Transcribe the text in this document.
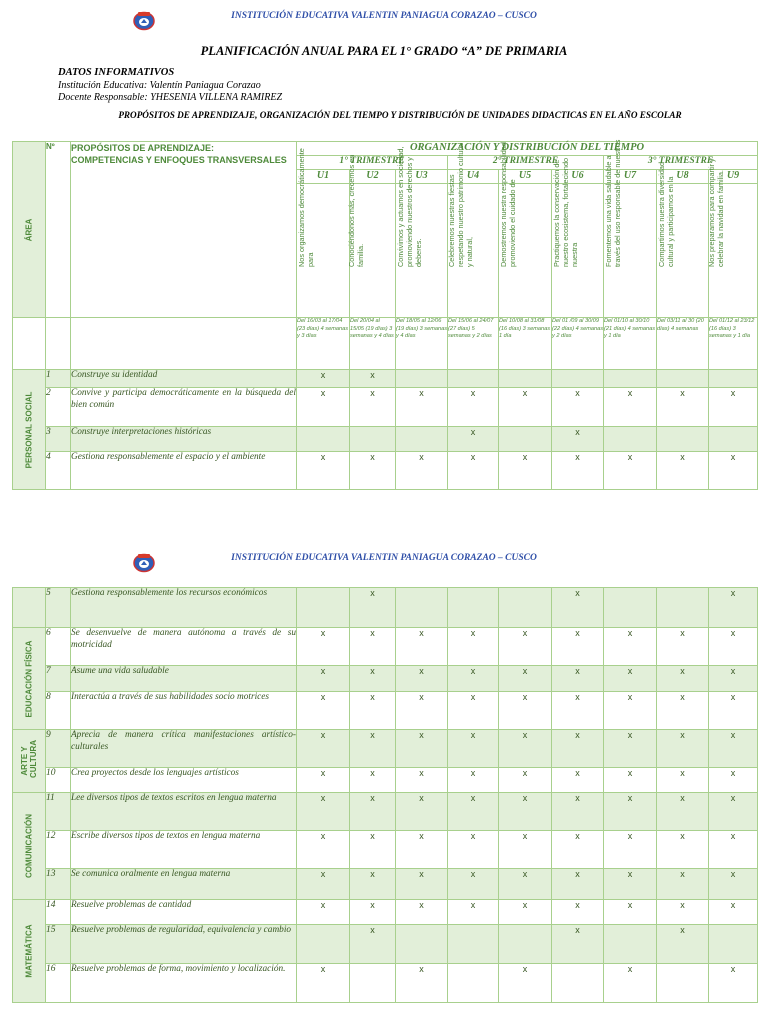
INSTITUCIÓN EDUCATIVA VALENTIN PANIAGUA CORAZAO – CUSCO
PLANIFICACIÓN ANUAL PARA EL 1° GRADO “A” DE PRIMARIA
DATOS INFORMATIVOS
Institución Educativa: Valentín Paniagua Corazao
Docente Responsable: YHESENIA VILLENA RAMIREZ
PROPÓSITOS DE APRENDIZAJE, ORGANIZACIÓN DEL TIEMPO Y DISTRIBUCIÓN DE UNIDADES DIDACTICAS EN EL AÑO ESCOLAR
ÁREA	Nº	PROPÓSITOS DE APRENDIZAJE:
COMPETENCIAS Y ENFOQUES TRANSVERSALES	ORGANIZACIÓN Y DISTRIBUCIÓN DEL TIEMPO								
			1° TRIMESTRE			2° TRIMESTRE			3° TRIMESTRE		
			U1	U2	U3	U4	U5	U6	U7	U8	U9

			Nos organizamos democráticamente para	Conociéndonos más, crecemos en familia.	Convivimos y actuamos en sociedad, promoviendo nuestros derechos y deberes.	Celebremos nuestras fiestas respetando nuestro patrimonio cultural y natural,	Demostremos nuestra responsabilidad promoviendo el cuidado de	Practiquemos la conservación de nuestro ecosistema, fortaleciendo nuestra	Fomentemos una vida saludable a través del uso responsable de nuestros	Compartimos nuestra diversidad cultural y participamos en la	Nos preparamos para compartir y celebrar la navidad en familia.

			Del 16/03 al 17/04 (23 días) 4 semanas y 3 días	Del 20/04 al 15/05 (19 días) 3 semanas y 4 días	Del 18/05 al 12/06 (19 días) 3 semanas y 4 días	Del 15/06 al 24/07 (27 días) 5 semanas y 2 días	Del 10/08 al 31/08 (16 días) 3 semanas 1 día	Del 01 /09 al 30/09 (22 días) 4 semanas y 2 días	Del 01/10 al 30/10 (21 días) 4 semanas y 1 día	Del 03/11 al 30 (20 días) 4 semanas	Del 01/12 al 23/12 (16 días) 3 semanas y 1 día

PERSONAL SOCIAL	1	Construye su identidad	x	x							
	2	Convive y participa democráticamente en la búsqueda del bien común	x	x	x	x	x	x	x	x	x
	3	Construye interpretaciones históricas				x		x			
	4	Gestiona responsablemente el espacio y el ambiente	x	x	x	x	x	x	x	x	x
INSTITUCIÓN EDUCATIVA VALENTIN PANIAGUA CORAZAO – CUSCO
	5	Gestiona responsablemente los recursos económicos		x				x			x

EDUCACIÓN FÍSICA	6	Se desenvuelve de manera autónoma a través de su motricidad	x	x	x	x	x	x	x	x	x
	7	Asume una vida saludable	x	x	x	x	x	x	x	x	x
	8	Interactúa a través de sus habilidades socio motrices	x	x	x	x	x	x	x	x	x

ARTE Y CULTURA	9	Aprecia de manera crítica manifestaciones artístico- culturales	x	x	x	x	x	x	x	x	x
	10	Crea proyectos desde los lenguajes artísticos	x	x	x	x	x	x	x	x	x

COMUNICACIÓN	11	Lee diversos tipos de textos escritos en lengua materna	x	x	x	x	x	x	x	x	x
	12	Escribe diversos tipos de textos en lengua materna	x	x	x	x	x	x	x	x	x
	13	Se comunica oralmente en lengua materna	x	x	x	x	x	x	x	x	x

MATEMÁTICA	14	Resuelve problemas de cantidad	x	x	x	x	x	x	x	x	x
	15	Resuelve problemas de regularidad, equivalencia y cambio		x				x		x	
	16	Resuelve problemas de forma, movimiento y localización.	x		x		x		x		x
